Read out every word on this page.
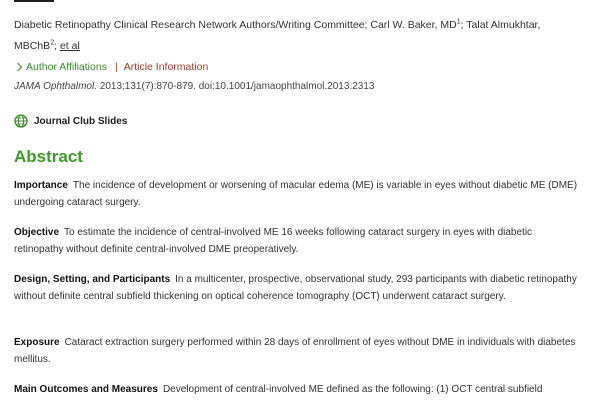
Diabetic Retinopathy Clinical Research Network Authors/Writing Committee; Carl W. Baker, $MD^1$; Talat Almukhtar,
MBChB$^2$; et al
Author Affiliations | Article Information
JAMA Ophthalmol. 2013;131(7):870-879. doi:10.1001/jamaophthalmol.2013.2313
Journal Club Slides
Abstract

Importance The incidence of development or worsening of macular edema (ME) is variable in eyes without diabetic ME (DME) undergoing cataract surgery.

Objective To estimate the incidence of central-involved ME 16 weeks following cataract surgery in eyes with diabetic retinopathy without definite central-involved DME preoperatively.

Design, Setting, and Participants In a multicenter, prospective, observational study, 293 participants with diabetic retinopathy without definite central subfield thickening on optical coherence tomography (OCT) underwent cataract surgery.

Exposure Cataract extraction surgery performed within 28 days of enrollment of eyes without DME in individuals with diabetes mellitus.

Main Outcomes and Measures Development of central-involved ME defined as the following: (1) OCT central subfield
